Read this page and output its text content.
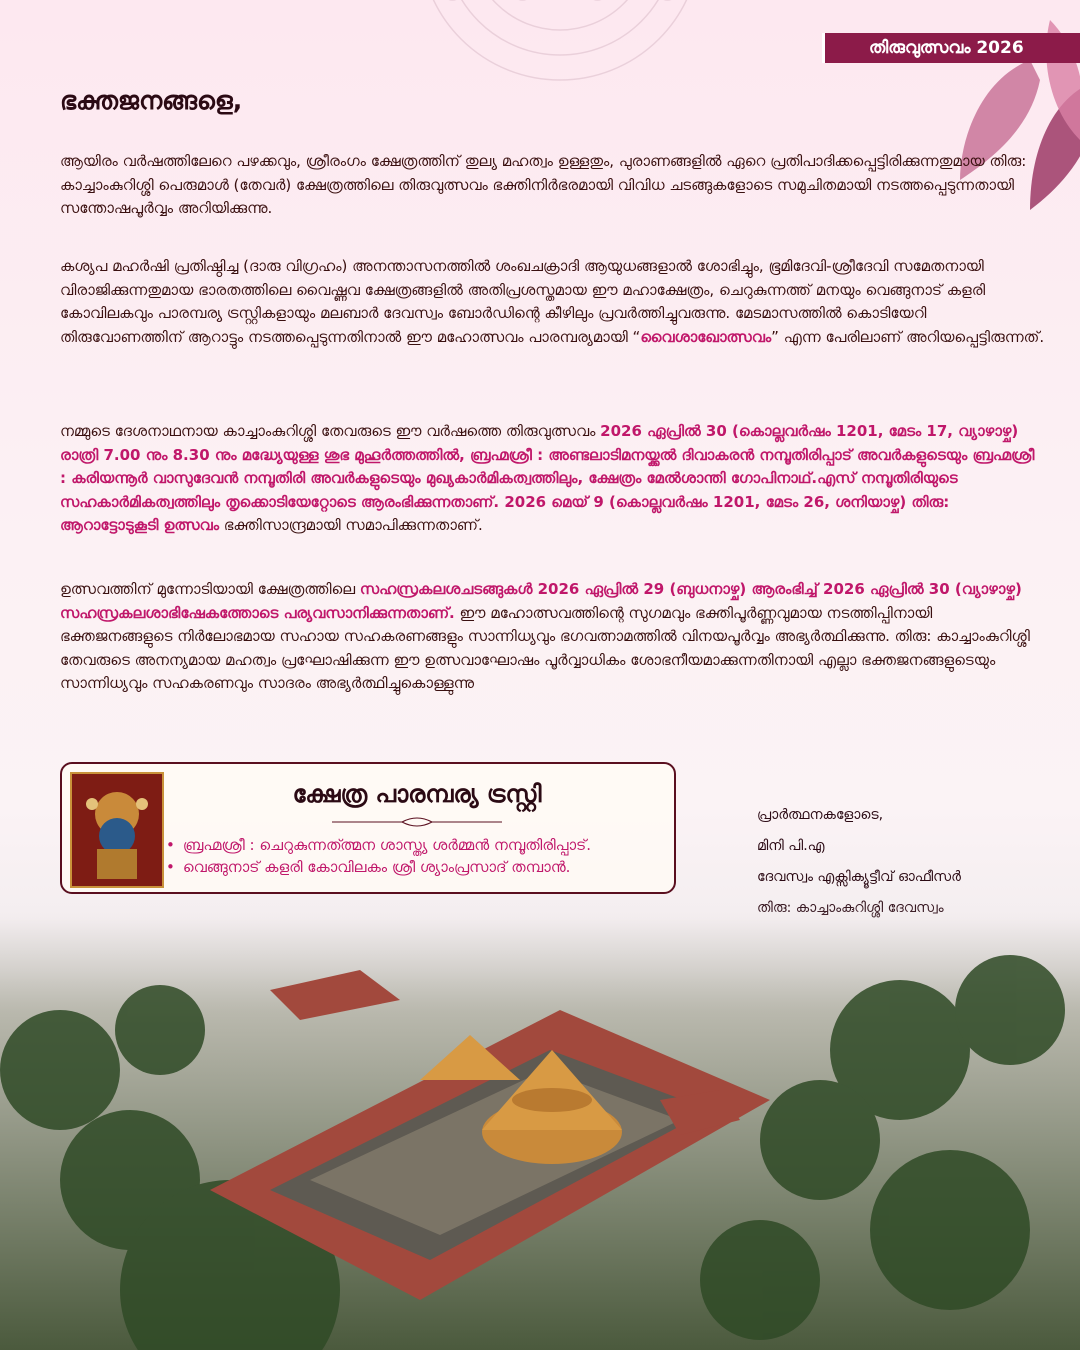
തിരുവുത്സവം 2026
ഭക്തജനങ്ങളെ,
ആയിരം വർഷത്തിലേറെ പഴക്കവും, ശ്രീരംഗം ക്ഷേത്രത്തിന് തുല്യ മഹത്വം ഉള്ളതും, പുരാണങ്ങളിൽ ഏറെ പ്രതിപാദിക്കപ്പെട്ടിരിക്കുന്നതുമായ തിരു: കാച്ചാംകുറിശ്ശി പെരുമാൾ (തേവർ) ക്ഷേത്രത്തിലെ തിരുവുത്സവം ഭക്തിനിർഭരമായി വിവിധ ചടങ്ങുകളോടെ സമുചിതമായി നടത്തപ്പെടുന്നതായി സന്തോഷപൂർവ്വം അറിയിക്കുന്നു.
കശ്യപ മഹർഷി പ്രതിഷ്ഠിച്ച (ദാരു വിഗ്രഹം) അനന്താസനത്തിൽ ശംഖചക്രാദി ആയുധങ്ങളാൽ ശോഭിച്ചും, ഭൂമിദേവി-ശ്രീദേവി സമേതനായി വിരാജിക്കുന്നതുമായ ഭാരതത്തിലെ വൈഷ്ണവ ക്ഷേത്രങ്ങളിൽ അതിപ്രശസ്തമായ ഈ മഹാക്ഷേത്രം, ചെറുകുന്നത്ത് മനയും വെങ്ങുനാട് കളരി കോവിലകവും പാരമ്പര്യ ട്രസ്റ്റികളായും മലബാർ ദേവസ്വം ബോർഡിന്റെ കീഴിലും പ്രവർത്തിച്ചുവരുന്നു. മേടമാസത്തിൽ കൊടിയേറി തിരുവോണത്തിന് ആറാട്ടും നടത്തപ്പെടുന്നതിനാൽ ഈ മഹോത്സവം പാരമ്പര്യമായി “വൈശാഖോത്സവം” എന്ന പേരിലാണ് അറിയപ്പെട്ടിരുന്നത്.
നമ്മുടെ ദേശനാഥനായ കാച്ചാംകുറിശ്ശി തേവരുടെ ഈ വർഷത്തെ തിരുവുത്സവം 2026 ഏപ്രിൽ 30 (കൊല്ലവർഷം 1201, മേടം 17, വ്യാഴാഴ്ച) രാത്രി 7.00 നും 8.30 നും മദ്ധ്യേയുള്ള ശുഭ മുഹൂർത്തത്തിൽ, ബ്രഹ്മശ്രീ : അണ്ടലാടിമനയ്ക്കൽ ദിവാകരൻ നമ്പൂതിരിപ്പാട് അവർകളുടെയും ബ്രഹ്മശ്രീ : കരിയന്നൂർ വാസുദേവൻ നമ്പൂതിരി അവർകളുടെയും മുഖ്യകാർമികത്വത്തിലും, ക്ഷേത്രം മേൽശാന്തി ഗോപിനാഥ്.എസ് നമ്പൂതിരിയുടെ സഹകാർമികത്വത്തിലും തൃക്കൊടിയേറ്റോടെ ആരംഭിക്കുന്നതാണ്. 2026 മെയ് 9 (കൊല്ലവർഷം 1201, മേടം 26, ശനിയാഴ്ച) തിരു: ആറാട്ടോടുകൂടി ഉത്സവം ഭക്തിസാന്ദ്രമായി സമാപിക്കുന്നതാണ്.
ഉത്സവത്തിന് മുന്നോടിയായി ക്ഷേത്രത്തിലെ സഹസ്രകലശചടങ്ങുകൾ 2026 ഏപ്രിൽ 29 (ബുധനാഴ്ച) ആരംഭിച്ച് 2026 ഏപ്രിൽ 30 (വ്യാഴാഴ്ച) സഹസ്രകലശാഭിഷേകത്തോടെ പര്യവസാനിക്കുന്നതാണ്. ഈ മഹോത്സവത്തിന്റെ സുഗമവും ഭക്തിപൂർണ്ണവുമായ നടത്തിപ്പിനായി ഭക്തജനങ്ങളുടെ നിർലോഭമായ സഹായ സഹകരണങ്ങളും സാന്നിധ്യവും ഭഗവത്നാമത്തിൽ വിനയപൂർവ്വം അഭ്യർത്ഥിക്കുന്നു. തിരു: കാച്ചാംകുറിശ്ശി തേവരുടെ അനന്യമായ മഹത്വം പ്രഘോഷിക്കുന്ന ഈ ഉത്സവാഘോഷം പൂർവ്വാധികം ശോഭനീയമാക്കുന്നതിനായി എല്ലാ ഭക്തജനങ്ങളുടെയും സാന്നിധ്യവും സഹകരണവും സാദരം അഭ്യർത്ഥിച്ചുകൊള്ളുന്നു
ക്ഷേത്ര പാരമ്പര്യ ട്രസ്റ്റി
• ബ്രഹ്മശ്രീ : ചെറുകുന്നത്ത്മന ശാസ്ത്യ ശർമ്മൻ നമ്പൂതിരിപ്പാട്.
• വെങ്ങുനാട് കളരി കോവിലകം ശ്രീ ശ്യാംപ്രസാദ് തമ്പാൻ.
പ്രാർത്ഥനകളോടെ,
മിനി പി.എ
ദേവസ്വം എക്സിക്യൂട്ടീവ് ഓഫീസർ
